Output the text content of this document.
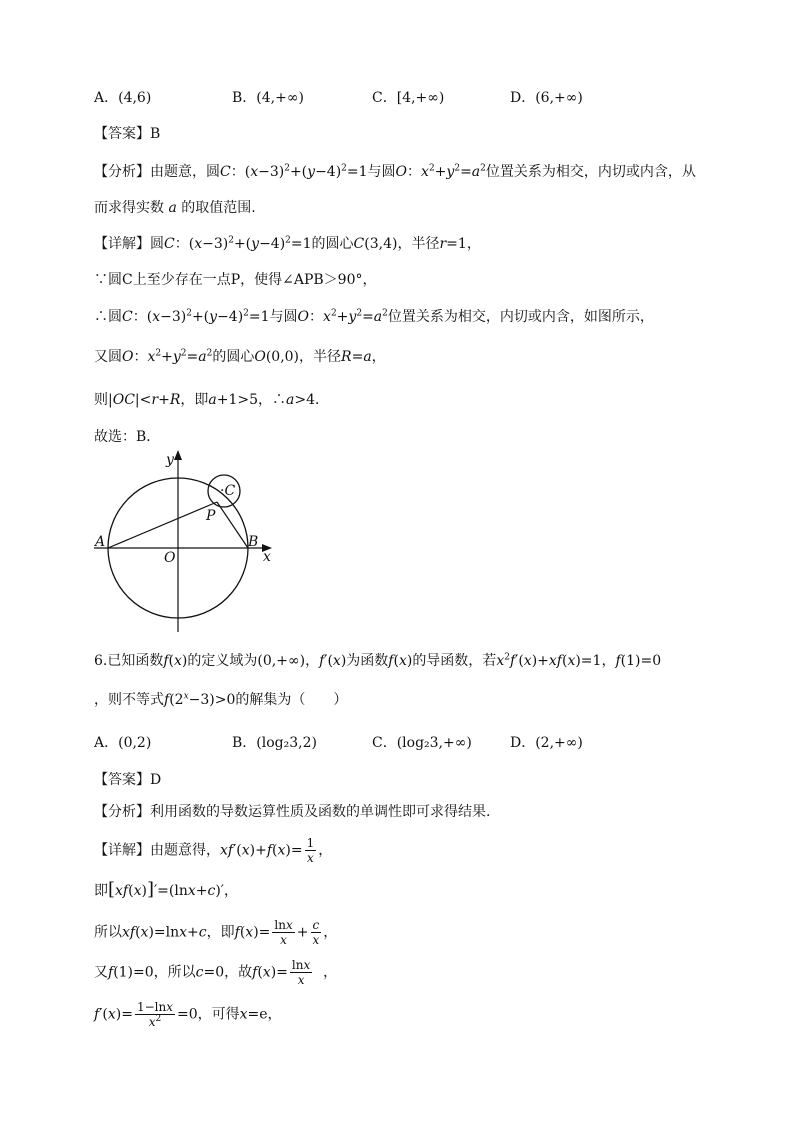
A．(4,6)	B．(4,+∞)	C．[4,+∞)	D．(6,+∞)
【答案】B
【分析】由题意，圆C：$(x-3)^2+(y-4)^2=1$与圆O：$x^2+y^2=a^2$位置关系为相交，内切或内含，从
而求得实数 a 的取值范围.
【详解】圆C：$(x-3)^2+(y-4)^2=1$的圆心C(3,4)，半径r=1，
∵圆C上至少存在一点P，使得∠APB＞90°，
∴圆C：$(x-3)^2+(y-4)^2=1$与圆O：$x^2+y^2=a^2$位置关系为相交，内切或内含，如图所示，
又圆O：$x^2+y^2=a^2$的圆心O(0,0)，半径R=a，
则|OC|<r+R，即a+1>5，∴a>4．
故选：B．
y
x
A	B
O
P
·C
6.已知函数f(x)的定义域为(0,+∞)，f′(x)为函数f(x)的导函数，若$x^2f'(x)+xf(x)=1$，f(1)=0
，则不等式$f(2^x-3)>0$的解集为（　　）
A．(0,2)	B．(log₂3,2)	C．(log₂3,+∞)	D．(2,+∞)
【答案】D
【分析】利用函数的导数运算性质及函数的单调性即可求得结果.
【详解】由题意得，$xf'(x)+f(x)= \frac{1}{x}$ ，
即[xf(x)]′=(lnx+c)′，
所以xf(x)=lnx+c，即$f(x)= \frac{\ln x}{x} + \frac{c}{x}$ ，
又f(1)=0，所以c=0，故$f(x)= \frac{\ln x}{x}$ ，
$f'(x)= \frac{1-\ln x}{x^2} =0$，可得x=e，
